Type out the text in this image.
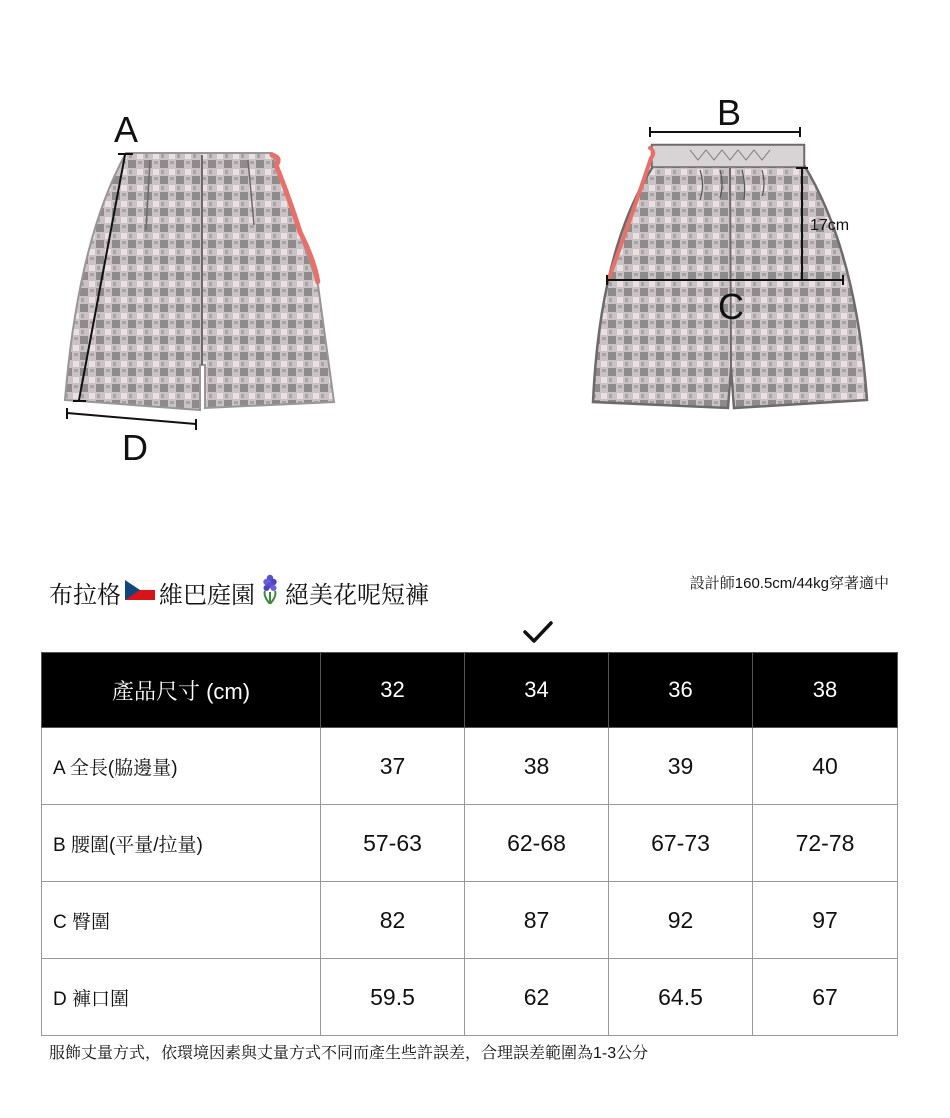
A
D
B
C
17cm
布拉格 維巴庭園 絕美花呢短褲	設計師160.5cm/44kg穿著適中
產品尺寸 (cm)	32	34	36	38
A 全長(脇邊量)	37	38	39	40
B 腰圍(平量/拉量)	57-63	62-68	67-73	72-78
C 臀圍	82	87	92	97
D 褲口圍	59.5	62	64.5	67
服飾丈量方式，依環境因素與丈量方式不同而產生些許誤差，合理誤差範圍為1-3公分
